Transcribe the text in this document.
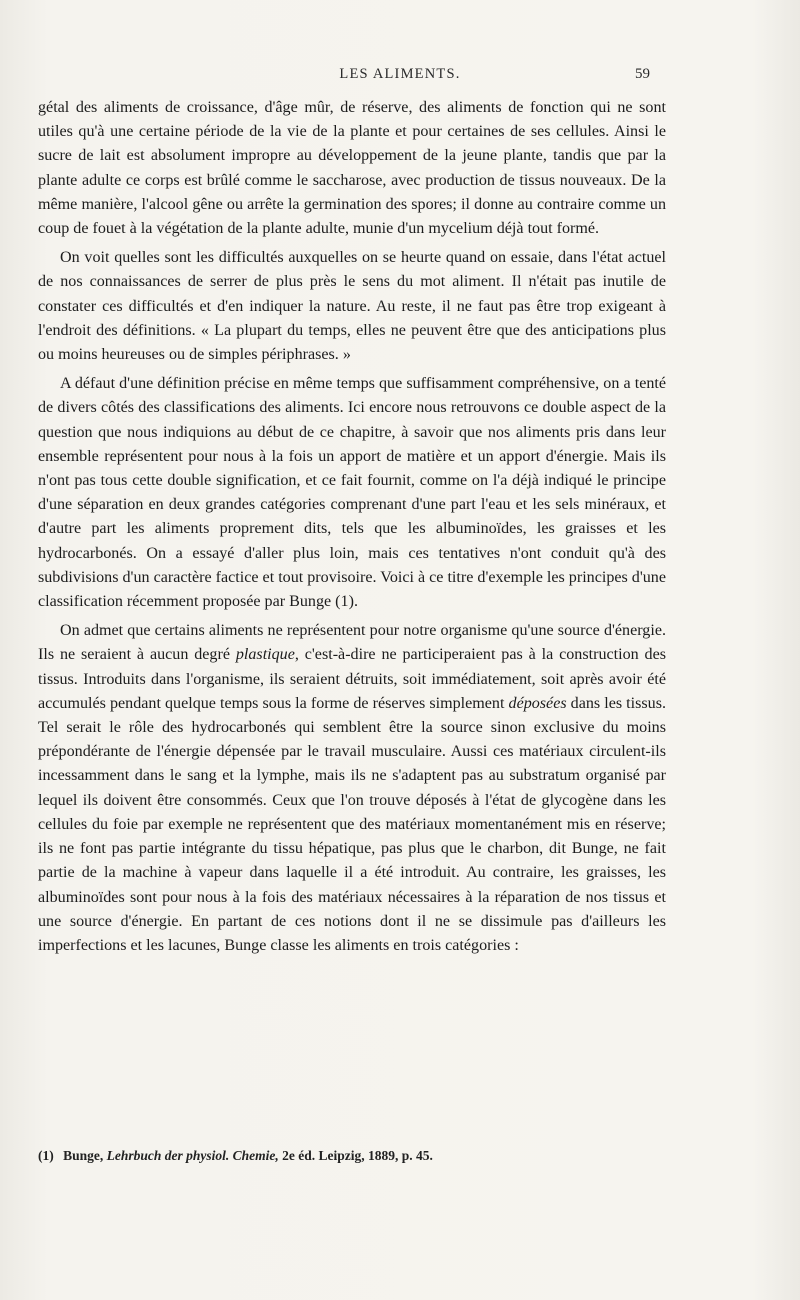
LES ALIMENTS.	59

gétal des aliments de croissance, d'âge mûr, de réserve, des aliments de fonction qui ne sont utiles qu'à une certaine période de la vie de la plante et pour certaines de ses cellules. Ainsi le sucre de lait est absolument impropre au développement de la jeune plante, tandis que par la plante adulte ce corps est brûlé comme le saccharose, avec production de tissus nouveaux. De la même manière, l'alcool gêne ou arrête la germination des spores; il donne au contraire comme un coup de fouet à la végétation de la plante adulte, munie d'un mycelium déjà tout formé.

On voit quelles sont les difficultés auxquelles on se heurte quand on essaie, dans l'état actuel de nos connaissances de serrer de plus près le sens du mot aliment. Il n'était pas inutile de constater ces difficultés et d'en indiquer la nature. Au reste, il ne faut pas être trop exigeant à l'endroit des définitions. « La plupart du temps, elles ne peuvent être que des anticipations plus ou moins heureuses ou de simples périphrases. »

A défaut d'une définition précise en même temps que suffisamment compréhensive, on a tenté de divers côtés des classifications des aliments. Ici encore nous retrouvons ce double aspect de la question que nous indiquions au début de ce chapitre, à savoir que nos aliments pris dans leur ensemble représentent pour nous à la fois un apport de matière et un apport d'énergie. Mais ils n'ont pas tous cette double signification, et ce fait fournit, comme on l'a déjà indiqué le principe d'une séparation en deux grandes catégories comprenant d'une part l'eau et les sels minéraux, et d'autre part les aliments proprement dits, tels que les albuminoïdes, les graisses et les hydrocarbonés. On a essayé d'aller plus loin, mais ces tentatives n'ont conduit qu'à des subdivisions d'un caractère factice et tout provisoire. Voici à ce titre d'exemple les principes d'une classification récemment proposée par Bunge (1).

On admet que certains aliments ne représentent pour notre organisme qu'une source d'énergie. Ils ne seraient à aucun degré plastique, c'est-à-dire ne participeraient pas à la construction des tissus. Introduits dans l'organisme, ils seraient détruits, soit immédiatement, soit après avoir été accumulés pendant quelque temps sous la forme de réserves simplement déposées dans les tissus. Tel serait le rôle des hydrocarbonés qui semblent être la source sinon exclusive du moins prépondérante de l'énergie dépensée par le travail musculaire. Aussi ces matériaux circulent-ils incessamment dans le sang et la lymphe, mais ils ne s'adaptent pas au substratum organisé par lequel ils doivent être consommés. Ceux que l'on trouve déposés à l'état de glycogène dans les cellules du foie par exemple ne représentent que des matériaux momentanément mis en réserve; ils ne font pas partie intégrante du tissu hépatique, pas plus que le charbon, dit Bunge, ne fait partie de la machine à vapeur dans laquelle il a été introduit. Au contraire, les graisses, les albuminoïdes sont pour nous à la fois des matériaux nécessaires à la réparation de nos tissus et une source d'énergie. En partant de ces notions dont il ne se dissimule pas d'ailleurs les imperfections et les lacunes, Bunge classe les aliments en trois catégories :

(1) Bunge, Lehrbuch der physiol. Chemie, 2e éd. Leipzig, 1889, p. 45.
